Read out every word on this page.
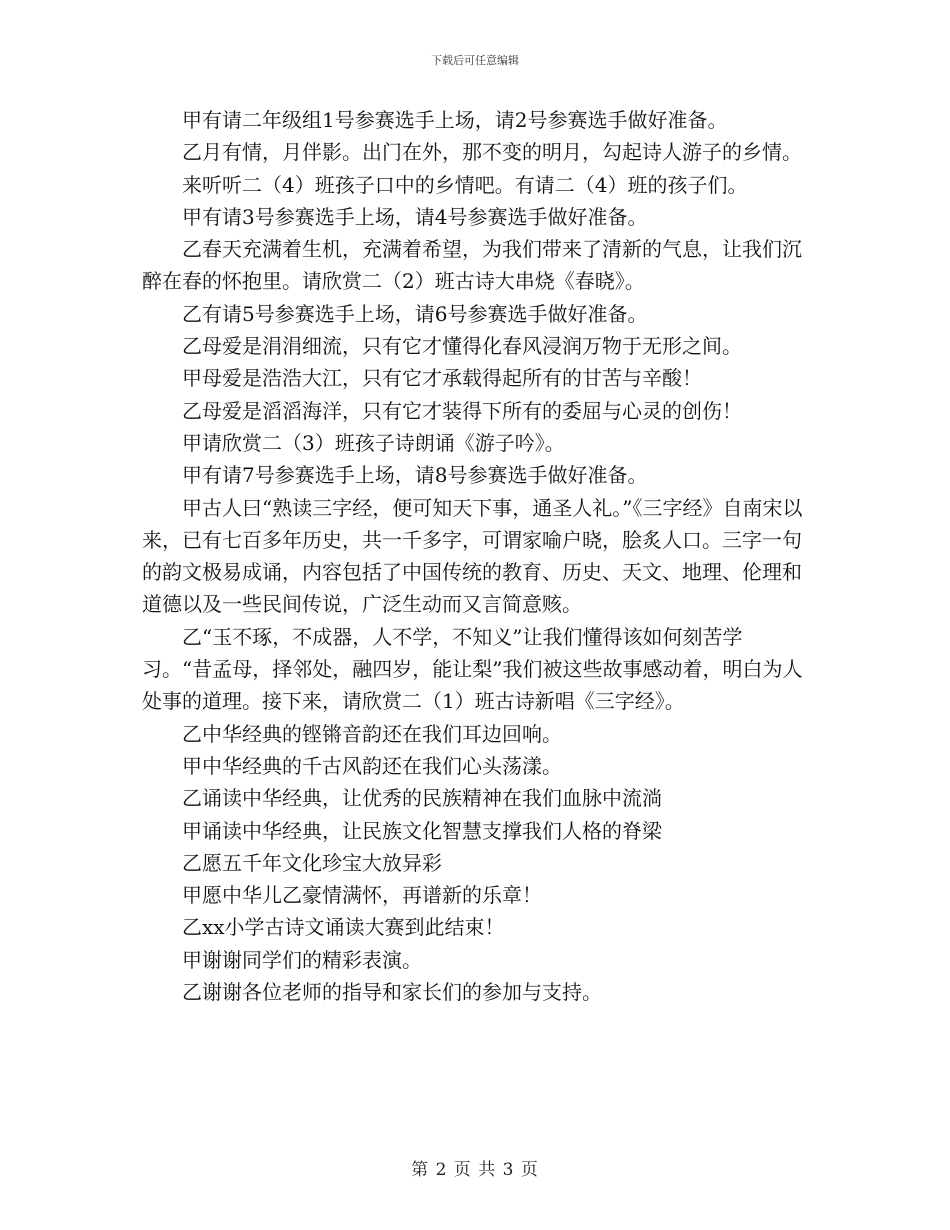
下载后可任意编辑

甲有请二年级组1号参赛选手上场，请2号参赛选手做好准备。

乙月有情，月伴影。出门在外，那不变的明月，勾起诗人游子的乡情。

来听听二（4）班孩子口中的乡情吧。有请二（4）班的孩子们。

甲有请3号参赛选手上场，请4号参赛选手做好准备。

乙春天充满着生机，充满着希望，为我们带来了清新的气息，让我们沉醉在春的怀抱里。请欣赏二（2）班古诗大串烧《春晓》。

乙有请5号参赛选手上场，请6号参赛选手做好准备。

乙母爱是涓涓细流，只有它才懂得化春风浸润万物于无形之间。

甲母爱是浩浩大江，只有它才承载得起所有的甘苦与辛酸！

乙母爱是滔滔海洋，只有它才装得下所有的委屈与心灵的创伤！

甲请欣赏二（3）班孩子诗朗诵《游子吟》。

甲有请7号参赛选手上场，请8号参赛选手做好准备。

甲古人曰“熟读三字经，便可知天下事，通圣人礼。”《三字经》自南宋以来，已有七百多年历史，共一千多字，可谓家喻户晓，脍炙人口。三字一句的韵文极易成诵，内容包括了中国传统的教育、历史、天文、地理、伦理和道德以及一些民间传说，广泛生动而又言简意赅。

乙“玉不琢，不成器，人不学，不知义”让我们懂得该如何刻苦学习。“昔孟母，择邻处，融四岁，能让梨”我们被这些故事感动着，明白为人处事的道理。接下来，请欣赏二（1）班古诗新唱《三字经》。

乙中华经典的铿锵音韵还在我们耳边回响。

甲中华经典的千古风韵还在我们心头荡漾。

乙诵读中华经典，让优秀的民族精神在我们血脉中流淌

甲诵读中华经典，让民族文化智慧支撑我们人格的脊梁

乙愿五千年文化珍宝大放异彩

甲愿中华儿乙豪情满怀，再谱新的乐章！

乙xx小学古诗文诵读大赛到此结束！

甲谢谢同学们的精彩表演。

乙谢谢各位老师的指导和家长们的参加与支持。

第 2 页 共 3 页
